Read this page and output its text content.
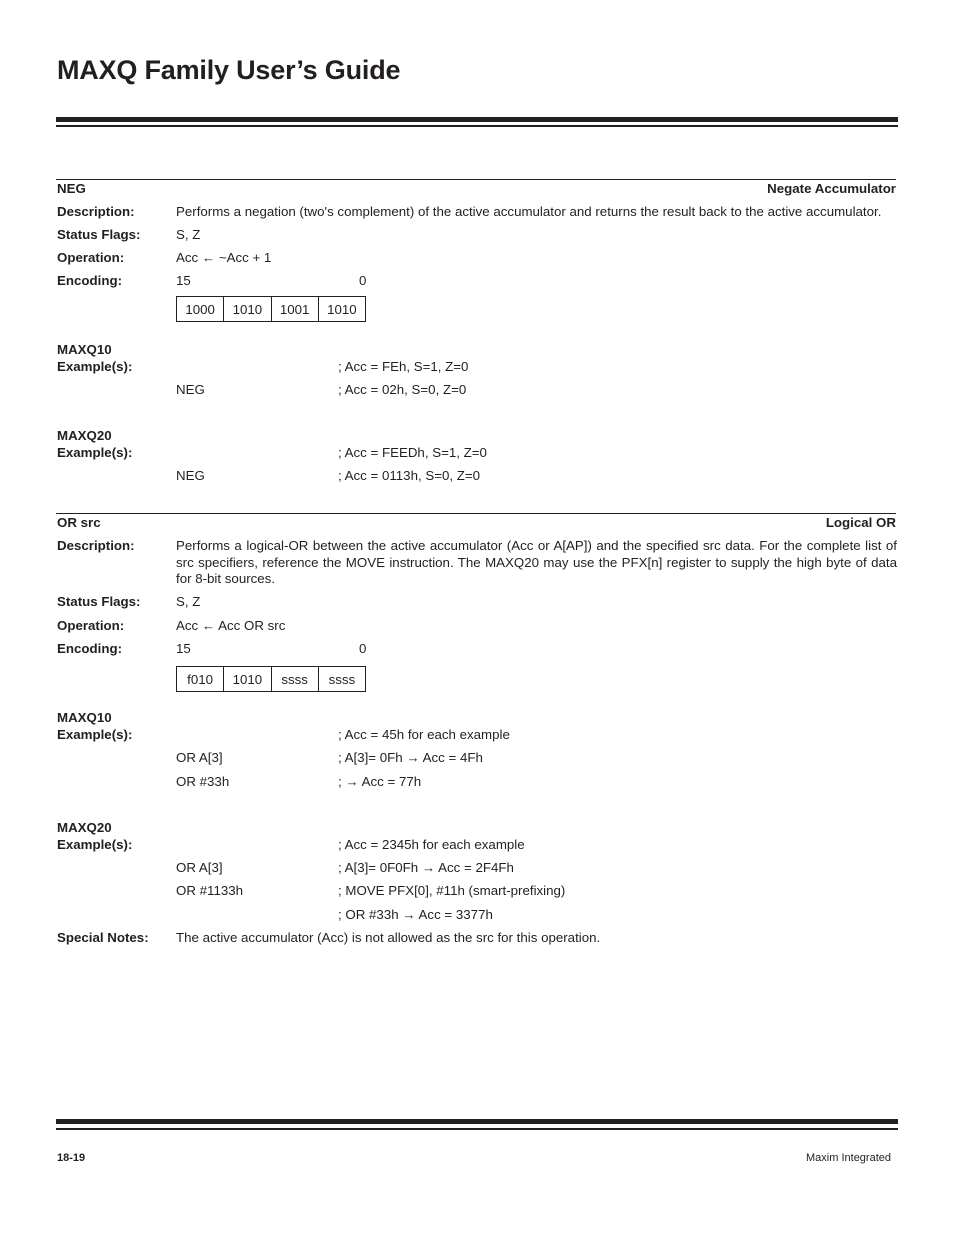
MAXQ Family User’s Guide
NEG	Negate Accumulator
Description:	Performs a negation (two's complement) of the active accumulator and returns the result back to the active accumulator.
Status Flags:	S, Z
Operation:	Acc ← ~Acc + 1
Encoding:	15	0
1000	1010	1001	1010
MAXQ10
Example(s):	; Acc = FEh, S=1, Z=0
NEG	; Acc = 02h, S=0, Z=0
MAXQ20
Example(s):	; Acc = FEEDh, S=1, Z=0
NEG	; Acc = 0113h, S=0, Z=0
OR src	Logical OR
Description:	Performs a logical-OR between the active accumulator (Acc or A[AP]) and the specified src data. For the complete list of src specifiers, reference the MOVE instruction. The MAXQ20 may use the PFX[n] register to supply the high byte of data for 8-bit sources.
Status Flags:	S, Z
Operation:	Acc ← Acc OR src
Encoding:	15	0
f010	1010	ssss	ssss
MAXQ10
Example(s):	; Acc = 45h for each example
OR A[3]	; A[3]= 0Fh → Acc = 4Fh
OR #33h	; → Acc = 77h
MAXQ20
Example(s):	; Acc = 2345h for each example
OR A[3]	; A[3]= 0F0Fh → Acc = 2F4Fh
OR #1133h	; MOVE PFX[0], #11h (smart-prefixing)
; OR #33h → Acc = 3377h
Special Notes: The active accumulator (Acc) is not allowed as the src for this operation.
18-19	Maxim Integrated
